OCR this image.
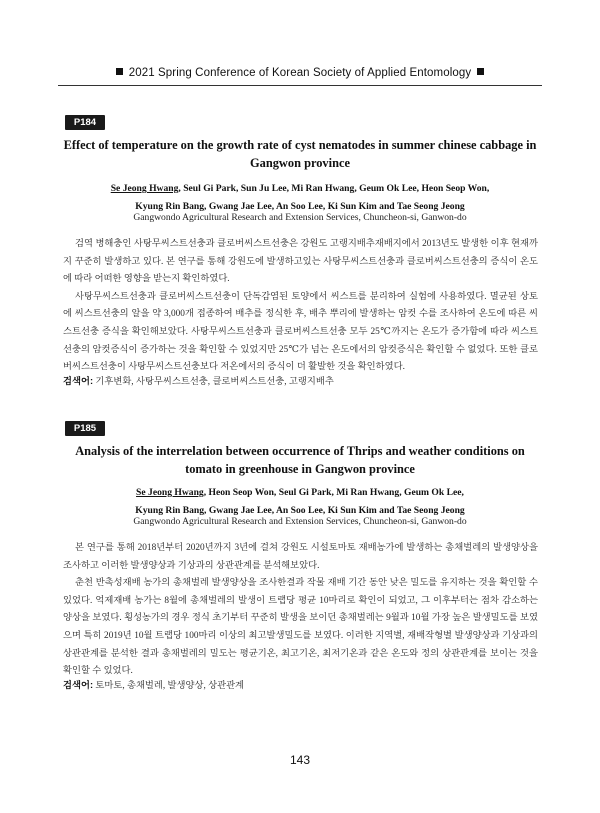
2021 Spring Conference of Korean Society of Applied Entomology
P184
Effect of temperature on the growth rate of cyst nematodes in summer chinese cabbage in
Gangwon province
Se Jeong Hwang, Seul Gi Park, Sun Ju Lee, Mi Ran Hwang, Geum Ok Lee, Heon Seop Won,
Kyung Rin Bang, Gwang Jae Lee, An Soo Lee, Ki Sun Kim and Tae Seong Jeong
Gangwondo Agricultural Research and Extension Services, Chuncheon-si, Ganwon-do

검역 병해충인 사탕무씨스트선충과 클로버씨스트선충은 강원도 고랭지배추재배지에서 2013년도 발생한 이후 현재까지 꾸준히 발생하고 있다. 본 연구를 통해 강원도에 발생하고있는 사탕무씨스트선충과 클로버씨스트선충의 증식이 온도에 따라 어떠한 영향을 받는지 확인하였다.

사탕무씨스트선충과 클로버씨스트선충이 단독감염된 토양에서 씨스트를 분리하여 실험에 사용하였다. 멸균된 상토에 씨스트선충의 알을 약 3,000개 접종하여 배추를 정식한 후, 배추 뿌리에 발생하는 암컷 수를 조사하여 온도에 따른 씨스트선충 증식을 확인해보았다. 사탕무씨스트선충과 클로버씨스트선충 모두 25℃까지는 온도가 증가함에 따라 씨스트선충의 암컷증식이 증가하는 것을 확인할 수 있었지만 25℃가 넘는 온도에서의 암컷증식은 확인할 수 없었다. 또한 클로버씨스트선충이 사탕무씨스트선충보다 저온에서의 증식이 더 활발한 것을 확인하였다.

검색어: 기후변화, 사탕무씨스트선충, 클로버씨스트선충, 고랭지배추
P185
Analysis of the interrelation between occurrence of Thrips and weather conditions on
tomato in greenhouse in Gangwon province
Se Jeong Hwang, Heon Seop Won, Seul Gi Park, Mi Ran Hwang, Geum Ok Lee,
Kyung Rin Bang, Gwang Jae Lee, An Soo Lee, Ki Sun Kim and Tae Seong Jeong
Gangwondo Agricultural Research and Extension Services, Chuncheon-si, Ganwon-do

본 연구를 통해 2018년부터 2020년까지 3년에 걸쳐 강원도 시설토마토 재배농가에 발생하는 총채벌레의 발생양상을 조사하고 이러한 발생양상과 기상과의 상관관계를 분석해보았다.

춘천 반촉성재배 농가의 총채벌레 발생양상을 조사한결과 작물 재배 기간 동안 낮은 밀도를 유지하는 것을 확인할 수 있었다. 억제재배 농가는 8월에 총채벌레의 발생이 트랩당 평균 10마리로 확인이 되었고, 그 이후부터는 점차 감소하는 양상을 보였다. 횡성농가의 경우 정식 초기부터 꾸준히 발생을 보이던 총채벌레는 9월과 10월 가장 높은 발생밀도를 보였으며 특히 2019년 10월 트랩당 100마리 이상의 최고발생밀도를 보였다. 이러한 지역별, 재배작형별 발생양상과 기상과의 상관관계를 분석한 결과 총채벌레의 밀도는 평균기온, 최고기온, 최저기온과 같은 온도와 정의 상관관계를 보이는 것을 확인할 수 있었다.

검색어: 토마토, 총채벌레, 발생양상, 상관관계
143
